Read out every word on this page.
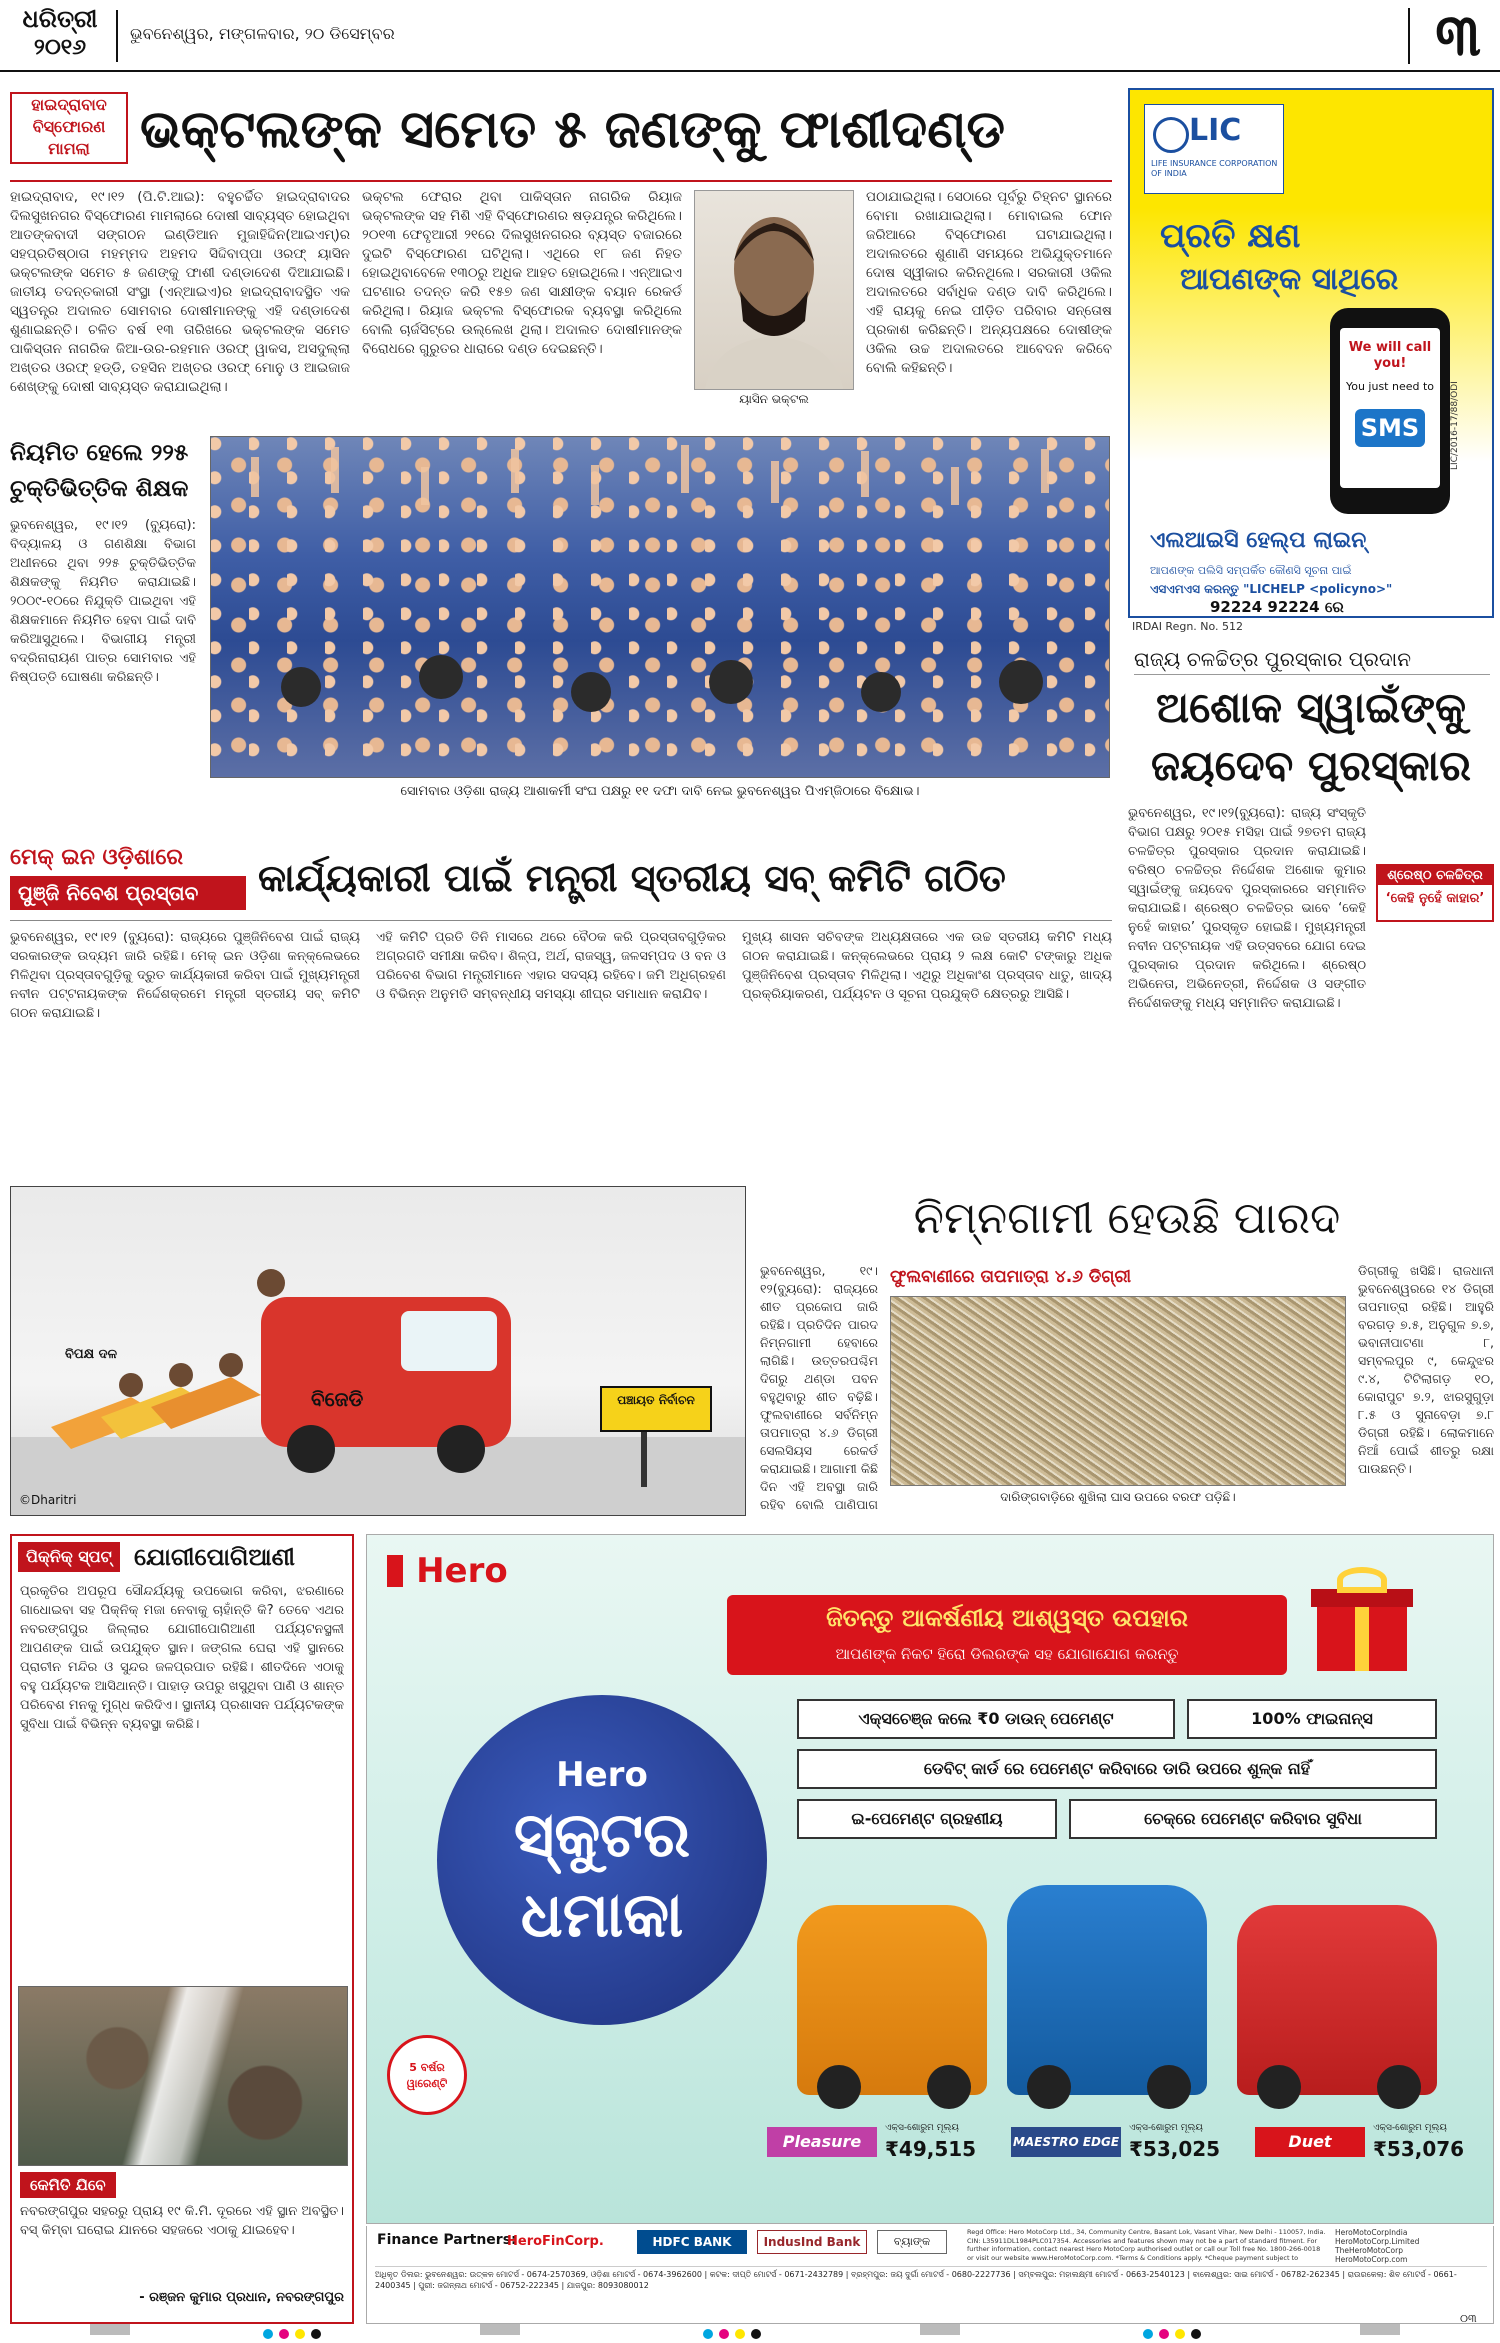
ଧରିତ୍ରୀ
୨୦୧୬
ଭୁବନେଶ୍ୱର, ମଙ୍ଗଳବାର, ୨୦ ଡିସେମ୍ବର	୩
ହାଇଦ୍ରାବାଦ
ବିସ୍ଫୋରଣ
ମାମଲା ଭକ୍‌ଟଲଙ୍କ ସମେତ ୫ ଜଣଙ୍କୁ ଫାଶୀଦଣ୍ଡ
ହାଇଦ୍ରାବାଦ, ୧୯।୧୨ (ପି.ଟି.ଆଇ): ବହୁଚର୍ଚ୍ଚିତ ହାଇଦ୍ରାବାଦର ଦିଲସୁଖନଗର ବିସ୍ଫୋରଣ ମାମଲାରେ ଦୋଷୀ ସାବ୍ୟସ୍ତ ହୋଇଥିବା ଆତଙ୍କବାଦୀ ସଙ୍ଗଠନ ଇଣ୍ଡିଆନ ମୁଜାହିଦ୍ଦିନ(ଆଇଏମ୍‌)ର ସହପ୍ରତିଷ୍ଠାତା ମହମ୍ମଦ ଅହମଦ ସିଦ୍ଦିବାପ୍ପା ଓରଫ୍ ୟାସିନ ଭକ୍‌ଟଲଙ୍କ ସମେତ ୫ ଜଣଙ୍କୁ ଫାଶୀ ଦଣ୍ଡାଦେଶ ଦିଆଯାଇଛି। ଜାତୀୟ ତଦନ୍ତକାରୀ ସଂସ୍ଥା (ଏନ୍‌ଆଇଏ)ର ହାଇଦ୍ରାବାଦସ୍ଥିତ ଏକ ସ୍ୱତନ୍ତ୍ର ଅଦାଲତ ସୋମବାର ଦୋଷୀମାନଙ୍କୁ ଏହି ଦଣ୍ଡାଦେଶ ଶୁଣାଇଛନ୍ତି। ଚଳିତ ବର୍ଷ ୧୩ ତାରିଖରେ ଭକ୍‌ଟଲଙ୍କ ସମେତ ପାକିସ୍ତାନ ନାଗରିକ ଜିଆ-ଉର-ରହମାନ ଓରଫ୍ ୱାକସ, ଅସଦୁଲ୍ଲା ଅଖ୍ତର ଓରଫ୍ ହଡ୍ଡି, ତହସିନ ଅଖ୍ତର ଓରଫ୍ ମୋନୁ ଓ ଆଇଜାଜ ଶେଖ୍‌ଙ୍କୁ ଦୋଷୀ ସାବ୍ୟସ୍ତ କରାଯାଇଥିଲା।
ଭକ୍‌ଟଲ ଫେରାର ଥିବା ପାକିସ୍ତାନ ନାଗରିକ ରିୟାଜ ଭକ୍‌ଟଲଙ୍କ ସହ ମିଶି ଏହି ବିସ୍ଫୋରଣର ଷଡ଼ଯନ୍ତ୍ର କରିଥିଲେ। ୨୦୧୩ ଫେବୃଆରୀ ୨୧ରେ ଦିଲସୁଖନଗରର ବ୍ୟସ୍ତ ବଜାରରେ ଦୁଇଟି ବିସ୍ଫୋରଣ ଘଟିଥିଲା। ଏଥିରେ ୧୮ ଜଣ ନିହତ ହୋଇଥିବାବେଳେ ୧୩୦ରୁ ଅଧିକ ଆହତ ହୋଇଥିଲେ। ଏନ୍‌ଆଇଏ ଘଟଣାର ତଦନ୍ତ କରି ୧୫୭ ଜଣ ସାକ୍ଷୀଙ୍କ ବୟାନ ରେକର୍ଡ କରିଥିଲା। ରିୟାଜ ଭକ୍‌ଟଲ ବିସ୍ଫୋରକ ବ୍ୟବସ୍ଥା କରିଥିଲେ ବୋଲି ଚାର୍ଜସିଟ୍‌ରେ ଉଲ୍ଲେଖ ଥିଲା। ଅଦାଲତ ଦୋଷୀମାନଙ୍କ ବିରୋଧରେ ଗୁରୁତର ଧାରାରେ ଦଣ୍ଡ ଦେଇଛନ୍ତି।
ୟାସିନ ଭକ୍‌ଟଲ
ପଠାଯାଇଥିଲା। ସେଠାରେ ପୂର୍ବରୁ ଚିହ୍ନଟ ସ୍ଥାନରେ ବୋମା ରଖାଯାଇଥିଲା। ମୋବାଇଲ ଫୋନ ଜରିଆରେ ବିସ୍ଫୋରଣ ଘଟାଯାଇଥିଲା। ଅଦାଲତରେ ଶୁଣାଣି ସମୟରେ ଅଭିଯୁକ୍ତମାନେ ଦୋଷ ସ୍ୱୀକାର କରିନଥିଲେ। ସରକାରୀ ଓକିଲ ଅଦାଲତରେ ସର୍ବାଧିକ ଦଣ୍ଡ ଦାବି କରିଥିଲେ। ଏହି ରାୟକୁ ନେଇ ପୀଡ଼ିତ ପରିବାର ସନ୍ତୋଷ ପ୍ରକାଶ କରିଛନ୍ତି। ଅନ୍ୟପକ୍ଷରେ ଦୋଷୀଙ୍କ ଓକିଲ ଉଚ୍ଚ ଅଦାଲତରେ ଆବେଦନ କରିବେ ବୋଲି କହିଛନ୍ତି।
LIC
LIFE INSURANCE CORPORATION OF INDIA
ପ୍ରତି କ୍ଷଣ
ଆପଣଙ୍କ ସାଥିରେ
We will call you!
You just need to
SMS
ଏଲଆଇସି ହେଲ୍ପ ଲାଇନ୍
ଆପଣଙ୍କ ପଲିସି ସମ୍ପର୍କିତ କୌଣସି ସୂଚନା ପାଇଁ
ଏସଏମଏସ କରନ୍ତୁ "LICHELP <policyno>"
92224 92224 ରେ
LIC/2016-17/88/ODI
IRDAI Regn. No. 512
ନିୟମିତ ହେଲେ ୨୨୫
ଚୁକ୍ତିଭିତ୍ତିକ ଶିକ୍ଷକ
ଭୁବନେଶ୍ୱର, ୧୯।୧୨ (ବ୍ୟୁରୋ): ବିଦ୍ୟାଳୟ ଓ ଗଣଶିକ୍ଷା ବିଭାଗ ଅଧୀନରେ ଥିବା ୨୨୫ ଚୁକ୍ତିଭିତ୍ତିକ ଶିକ୍ଷକଙ୍କୁ ନିୟମିତ କରାଯାଇଛି। ୨୦୦୯-୧୦ରେ ନିଯୁକ୍ତି ପାଇଥିବା ଏହି ଶିକ୍ଷକମାନେ ନିୟମିତ ହେବା ପାଇଁ ଦାବି କରିଆସୁଥିଲେ। ବିଭାଗୀୟ ମନ୍ତ୍ରୀ ବଦ୍ରିନାରାୟଣ ପାତ୍ର ସୋମବାର ଏହି ନିଷ୍ପତ୍ତି ଘୋଷଣା କରିଛନ୍ତି।
ସୋମବାର ଓଡ଼ିଶା ରାଜ୍ୟ ଆଶାକର୍ମୀ ସଂଘ ପକ୍ଷରୁ ୧୧ ଦଫା ଦାବି ନେଇ ଭୁବନେଶ୍ୱର ପିଏମ୍‌ଜିଠାରେ ବିକ୍ଷୋଭ।
ରାଜ୍ୟ ଚଳଚ୍ଚିତ୍ର ପୁରସ୍କାର ପ୍ରଦାନ
ଅଶୋକ ସ୍ୱାଇଁଙ୍କୁ
ଜୟଦେବ ପୁରସ୍କାର
ଭୁବନେଶ୍ୱର, ୧୯।୧୨(ବ୍ୟୁରୋ): ରାଜ୍ୟ ସଂସ୍କୃତି ବିଭାଗ ପକ୍ଷରୁ ୨୦୧୫ ମସିହା ପାଇଁ ୨୭ତମ ରାଜ୍ୟ ଚଳଚ୍ଚିତ୍ର ପୁରସ୍କାର ପ୍ରଦାନ କରାଯାଇଛି। ବରିଷ୍ଠ ଚଳଚ୍ଚିତ୍ର ନିର୍ଦ୍ଦେଶକ ଅଶୋକ କୁମାର ସ୍ୱାଇଁଙ୍କୁ ଜୟଦେବ ପୁରସ୍କାରରେ ସମ୍ମାନିତ କରାଯାଇଛି। ଶ୍ରେଷ୍ଠ ଚଳଚ୍ଚିତ୍ର ଭାବେ ‘କେହି ନୁହେଁ କାହାର’ ପୁରସ୍କୃତ ହୋଇଛି। ମୁଖ୍ୟମନ୍ତ୍ରୀ ନବୀନ ପଟ୍ଟନାୟକ ଏହି ଉତ୍ସବରେ ଯୋଗ ଦେଇ ପୁରସ୍କାର ପ୍ରଦାନ କରିଥିଲେ। ଶ୍ରେଷ୍ଠ ଅଭିନେତା, ଅଭିନେତ୍ରୀ, ନିର୍ଦ୍ଦେଶକ ଓ ସଙ୍ଗୀତ ନିର୍ଦ୍ଦେଶକଙ୍କୁ ମଧ୍ୟ ସମ୍ମାନିତ କରାଯାଇଛି।
ଶ୍ରେଷ୍ଠ ଚଳଚ୍ଚିତ୍ର
‘କେହି ନୁହେଁ କାହାର’
ମେକ୍ ଇନ ଓଡ଼ିଶାରେ
ପୁଞ୍ଜି ନିବେଶ ପ୍ରସ୍ତାବ	କାର୍ଯ୍ୟକାରୀ ପାଇଁ ମନ୍ତ୍ରୀ ସ୍ତରୀୟ ସବ୍ କମିଟି ଗଠିତ
ଭୁବନେଶ୍ୱର, ୧୯।୧୨ (ବ୍ୟୁରୋ): ରାଜ୍ୟରେ ପୁଞ୍ଜିନିବେଶ ପାଇଁ ରାଜ୍ୟ ସରକାରଙ୍କ ଉଦ୍ୟମ ଜାରି ରହିଛି। ମେକ୍ ଇନ ଓଡ଼ିଶା କନ୍‌କ୍ଲେଭରେ ମିଳିଥିବା ପ୍ରସ୍ତାବଗୁଡ଼ିକୁ ଦ୍ରୁତ କାର୍ଯ୍ୟକାରୀ କରିବା ପାଇଁ ମୁଖ୍ୟମନ୍ତ୍ରୀ ନବୀନ ପଟ୍ଟନାୟକଙ୍କ ନିର୍ଦ୍ଦେଶକ୍ରମେ ମନ୍ତ୍ରୀ ସ୍ତରୀୟ ସବ୍ କମିଟି ଗଠନ କରାଯାଇଛି।
ଏହି କମିଟି ପ୍ରତି ତିନି ମାସରେ ଥରେ ବୈଠକ କରି ପ୍ରସ୍ତାବଗୁଡ଼ିକର ଅଗ୍ରଗତି ସମୀକ୍ଷା କରିବ। ଶିଳ୍ପ, ଅର୍ଥ, ରାଜସ୍ୱ, ଜଳସମ୍ପଦ ଓ ବନ ଓ ପରିବେଶ ବିଭାଗ ମନ୍ତ୍ରୀମାନେ ଏହାର ସଦସ୍ୟ ରହିବେ। ଜମି ଅଧିଗ୍ରହଣ ଓ ବିଭିନ୍ନ ଅନୁମତି ସମ୍ବନ୍ଧୀୟ ସମସ୍ୟା ଶୀଘ୍ର ସମାଧାନ କରାଯିବ।
ମୁଖ୍ୟ ଶାସନ ସଚିବଙ୍କ ଅଧ୍ୟକ୍ଷତାରେ ଏକ ଉଚ୍ଚ ସ୍ତରୀୟ କମିଟି ମଧ୍ୟ ଗଠନ କରାଯାଇଛି। କନ୍‌କ୍ଲେଭରେ ପ୍ରାୟ ୨ ଲକ୍ଷ କୋଟି ଟଙ୍କାରୁ ଅଧିକ ପୁଞ୍ଜିନିବେଶ ପ୍ରସ୍ତାବ ମିଳିଥିଲା। ଏଥିରୁ ଅଧିକାଂଶ ପ୍ରସ୍ତାବ ଧାତୁ, ଖାଦ୍ୟ ପ୍ରକ୍ରିୟାକରଣ, ପର୍ଯ୍ୟଟନ ଓ ସୂଚନା ପ୍ରଯୁକ୍ତି କ୍ଷେତ୍ରରୁ ଆସିଛି।
ବିପକ୍ଷ ଦଳ
ବିଜେଡି	ପଞ୍ଚାୟତ ନିର୍ବାଚନ
©Dharitri
ନିମ୍ନଗାମୀ ହେଉଛି ପାରଦ
ଭୁବନେଶ୍ୱର, ୧୯।୧୨(ବ୍ୟୁରୋ): ରାଜ୍ୟରେ ଶୀତ ପ୍ରକୋପ ଜାରି ରହିଛି। ପ୍ରତିଦିନ ପାରଦ ନିମ୍ନଗାମୀ ହେବାରେ ଲାଗିଛି। ଉତ୍ତରପଶ୍ଚିମ ଦିଗରୁ ଥଣ୍ଡା ପବନ ବହୁଥିବାରୁ ଶୀତ ବଢ଼ିଛି। ଫୁଲବାଣୀରେ ସର୍ବନିମ୍ନ ତାପମାତ୍ରା ୪.୬ ଡିଗ୍ରୀ ସେଲସିୟସ ରେକର୍ଡ କରାଯାଇଛି। ଆଗାମୀ କିଛି ଦିନ ଏହି ଅବସ୍ଥା ଜାରି ରହିବ ବୋଲି ପାଣିପାଗ
ଫୁଲବାଣୀରେ ତାପମାତ୍ରା ୪.୬ ଡିଗ୍ରୀ
ଦାରିଙ୍ଗବାଡ଼ିରେ ଶୁଖିଲା ଘାସ ଉପରେ ବରଫ ପଡ଼ିଛି।
ଡିଗ୍ରୀକୁ ଖସିଛି। ରାଜଧାନୀ ଭୁବନେଶ୍ୱରରେ ୧୪ ଡିଗ୍ରୀ ତାପମାତ୍ରା ରହିଛି। ଆହୁରି ବରଗଡ଼ ୭.୫, ଅନୁଗୁଳ ୭.୭, ଭବାନୀପାଟଣା ୮, ସମ୍ବଲପୁର ୯, କେନ୍ଦୁଝର ୯.୪, ଟିଟିଲାଗଡ଼ ୧୦, କୋରାପୁଟ ୭.୨, ଝାରସୁଗୁଡ଼ା ୮.୫ ଓ ସୁନାବେଡ଼ା ୭.୮ ଡିଗ୍ରୀ ରହିଛି। ଲୋକମାନେ ନିଆଁ ପୋଇଁ ଶୀତରୁ ରକ୍ଷା ପାଉଛନ୍ତି।
ପିକ୍‌ନିକ୍ ସ୍ପଟ୍ ଯୋଗୀପୋଗିଆଣୀ
ପ୍ରକୃତିର ଅପରୂପ ସୌନ୍ଦର୍ଯ୍ୟକୁ ଉପଭୋଗ କରିବା, ଝରଣାରେ ଗାଧୋଇବା ସହ ପିକ୍‌ନିକ୍ ମଜା ନେବାକୁ ଚାହାଁନ୍ତି କି? ତେବେ ଏଥର ନବରଙ୍ଗପୁର ଜିଲ୍ଲାର ଯୋଗୀପୋଗିଆଣୀ ପର୍ଯ୍ୟଟନସ୍ଥଳୀ ଆପଣଙ୍କ ପାଇଁ ଉପଯୁକ୍ତ ସ୍ଥାନ। ଜଙ୍ଗଲ ଘେରା ଏହି ସ୍ଥାନରେ ପ୍ରାଚୀନ ମନ୍ଦିର ଓ ସୁନ୍ଦର ଜଳପ୍ରପାତ ରହିଛି। ଶୀତଦିନେ ଏଠାକୁ ବହୁ ପର୍ଯ୍ୟଟକ ଆସିଥାନ୍ତି। ପାହାଡ଼ ଉପରୁ ଖସୁଥିବା ପାଣି ଓ ଶାନ୍ତ ପରିବେଶ ମନକୁ ମୁଗ୍ଧ କରିଦିଏ। ସ୍ଥାନୀୟ ପ୍ରଶାସନ ପର୍ଯ୍ୟଟକଙ୍କ ସୁବିଧା ପାଇଁ ବିଭିନ୍ନ ବ୍ୟବସ୍ଥା କରିଛି।
କେମିତି ଯିବେ
ନବରଙ୍ଗପୁର ସହରରୁ ପ୍ରାୟ ୧୯ କି.ମି. ଦୂରରେ ଏହି ସ୍ଥାନ ଅବସ୍ଥିତ। ବସ୍ କିମ୍ବା ଘରୋଇ ଯାନରେ ସହଜରେ ଏଠାକୁ ଯାଇହେବ।
- ରଞ୍ଜନ କୁମାର ପ୍ରଧାନ, ନବରଙ୍ଗପୁର
Hero
ଜିତନ୍ତୁ ଆକର୍ଷଣୀୟ ଆଶ୍ୱସ୍ତ ଉପହାର
ଆପଣଙ୍କ ନିକଟ ହିରୋ ଡିଲରଙ୍କ ସହ ଯୋଗାଯୋଗ କରନ୍ତୁ
ଏକ୍ସଚେଞ୍ଜ କଲେ ₹0 ଡାଉନ୍ ପେମେଣ୍ଟ	100% ଫାଇନାନ୍ସ
ଡେବିଟ୍ କାର୍ଡ ରେ ପେମେଣ୍ଟ କରିବାରେ ଡାରି ଉପରେ ଶୁଳ୍କ ନାହିଁ
ଇ-ପେମେଣ୍ଟ ଗ୍ରହଣୀୟ	ଚେକ୍‌ରେ ପେମେଣ୍ଟ କରିବାର ସୁବିଧା
Hero
ସ୍କୁଟର
ଧମାକା
5 ବର୍ଷର ୱାରେଣ୍ଟି
Pleasure
ଏକ୍ସ-ଶୋରୁମ ମୂଲ୍ୟ
₹49,515	MAESTRO EDGE
ଏକ୍ସ-ଶୋରୁମ ମୂଲ୍ୟ
₹53,025	Duet
ଏକ୍ସ-ଶୋରୁମ ମୂଲ୍ୟ
₹53,076
Finance Partners:
HeroFinCorp.	HDFC BANK	IndusInd Bank	ବ୍ୟାଙ୍କ
Regd Office: Hero MotoCorp Ltd., 34, Community Centre, Basant Lok, Vasant Vihar, New Delhi - 110057, India. CIN: L35911DL1984PLC017354. Accessories and features shown may not be a part of standard fitment. For further information, contact nearest Hero MotoCorp authorised outlet or call our Toll free No. 1800-266-0018 or visit our website www.HeroMotoCorp.com. *Terms & Conditions apply. *Cheque payment subject to
HeroMotoCorpIndia
HeroMotoCorp.Limited
TheHeroMotoCorp
HeroMotoCorp.com
ଅଧିକୃତ ଡିଲର: ଭୁବନେଶ୍ୱର: ଉତ୍କଳ ମୋଟର୍ସ - 0674-2570369, ଓଡ଼ିଶା ମୋଟର୍ସ - 0674-3962600 | କଟକ: ଦୀପ୍ତି ମୋଟର୍ସ - 0671-2432789 | ବ୍ରହ୍ମପୁର: ଜୟ ଦୁର୍ଗା ମୋଟର୍ସ - 0680-2227736 | ସମ୍ବଲପୁର: ମହାଲକ୍ଷ୍ମୀ ମୋଟର୍ସ - 0663-2540123 | ବାଲେଶ୍ୱର: ସାଇ ମୋଟର୍ସ - 06782-262345 | ରାଉରକେଲା: ଶିବ ମୋଟର୍ସ - 0661-2400345 | ପୁରୀ: ଜଗନ୍ନାଥ ମୋଟର୍ସ - 06752-222345 | ଯାଜପୁର: 8093080012
୦୩
